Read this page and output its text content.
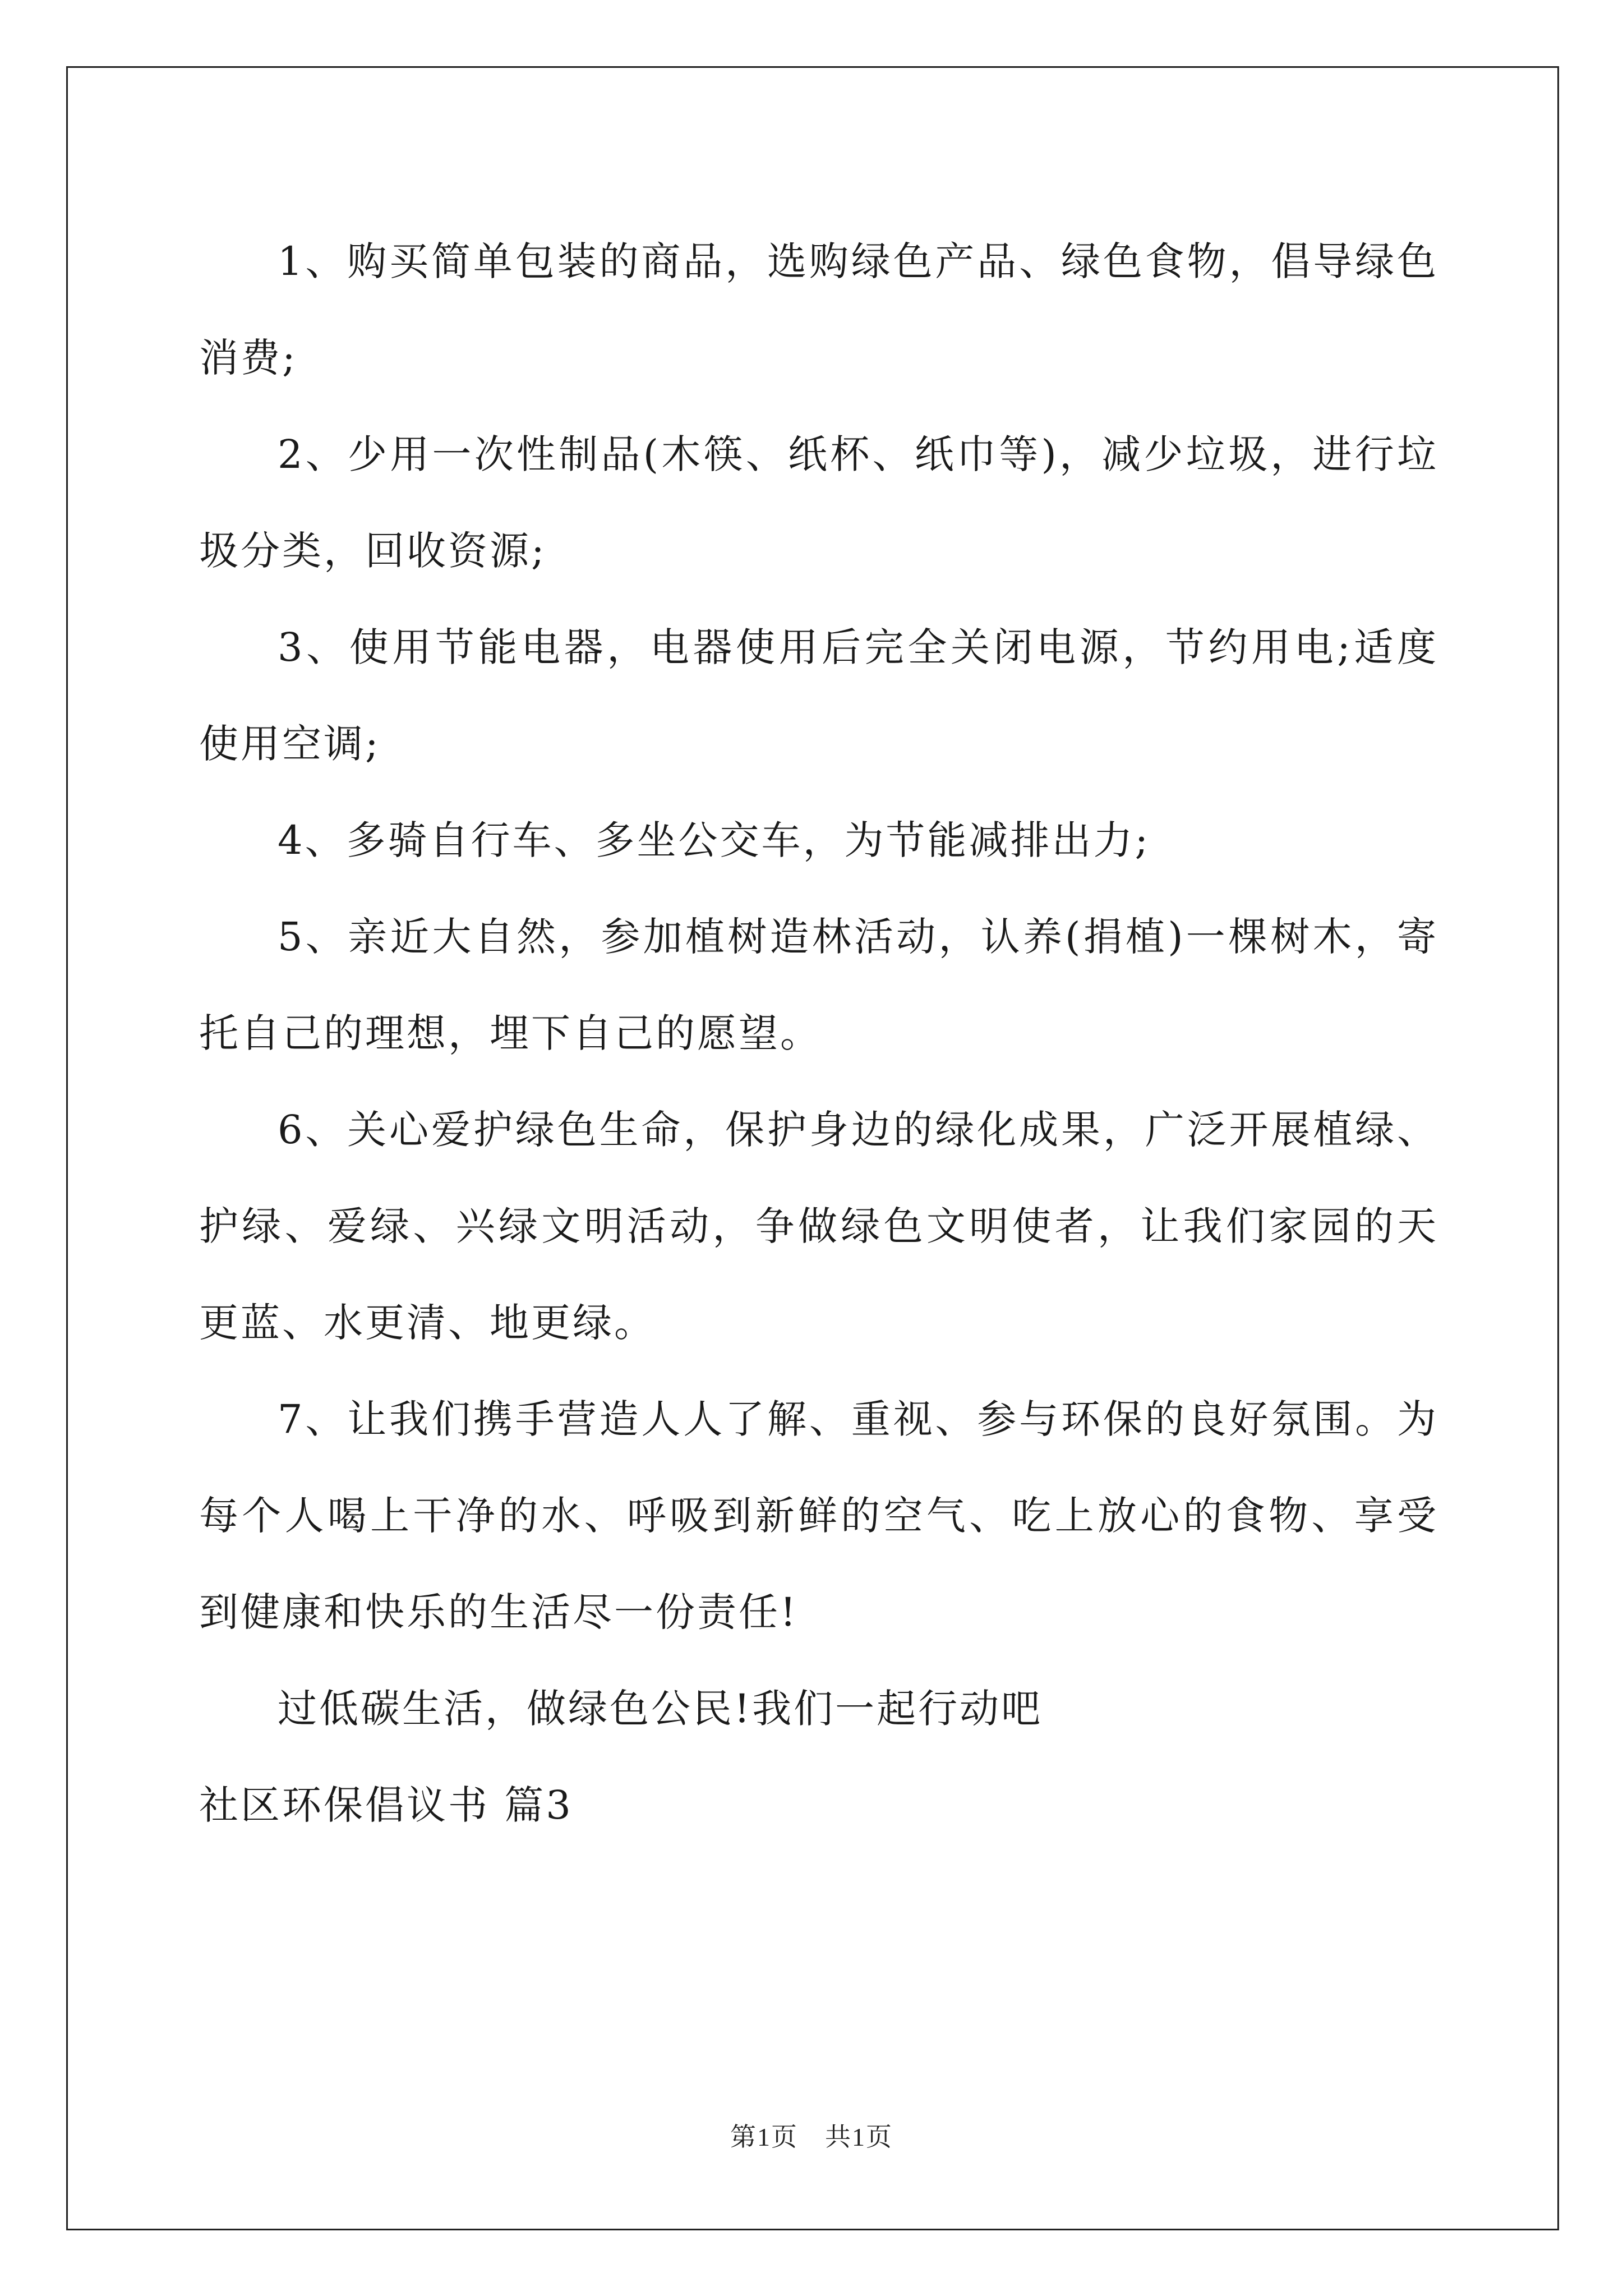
1、购买简单包装的商品，选购绿色产品、绿色食物，倡导绿色消费;

2、少用一次性制品(木筷、纸杯、纸巾等)，减少垃圾，进行垃圾分类，回收资源;

3、使用节能电器，电器使用后完全关闭电源，节约用电;适度使用空调;

4、多骑自行车、多坐公交车，为节能减排出力;

5、亲近大自然，参加植树造林活动，认养(捐植)一棵树木，寄托自己的理想，埋下自己的愿望。

6、关心爱护绿色生命，保护身边的绿化成果，广泛开展植绿、护绿、爱绿、兴绿文明活动，争做绿色文明使者，让我们家园的天更蓝、水更清、地更绿。

7、让我们携手营造人人了解、重视、参与环保的良好氛围。为每个人喝上干净的水、呼吸到新鲜的空气、吃上放心的食物、享受到健康和快乐的生活尽一份责任!

过低碳生活，做绿色公民!我们一起行动吧

社区环保倡议书 篇3

第1页　共1页
